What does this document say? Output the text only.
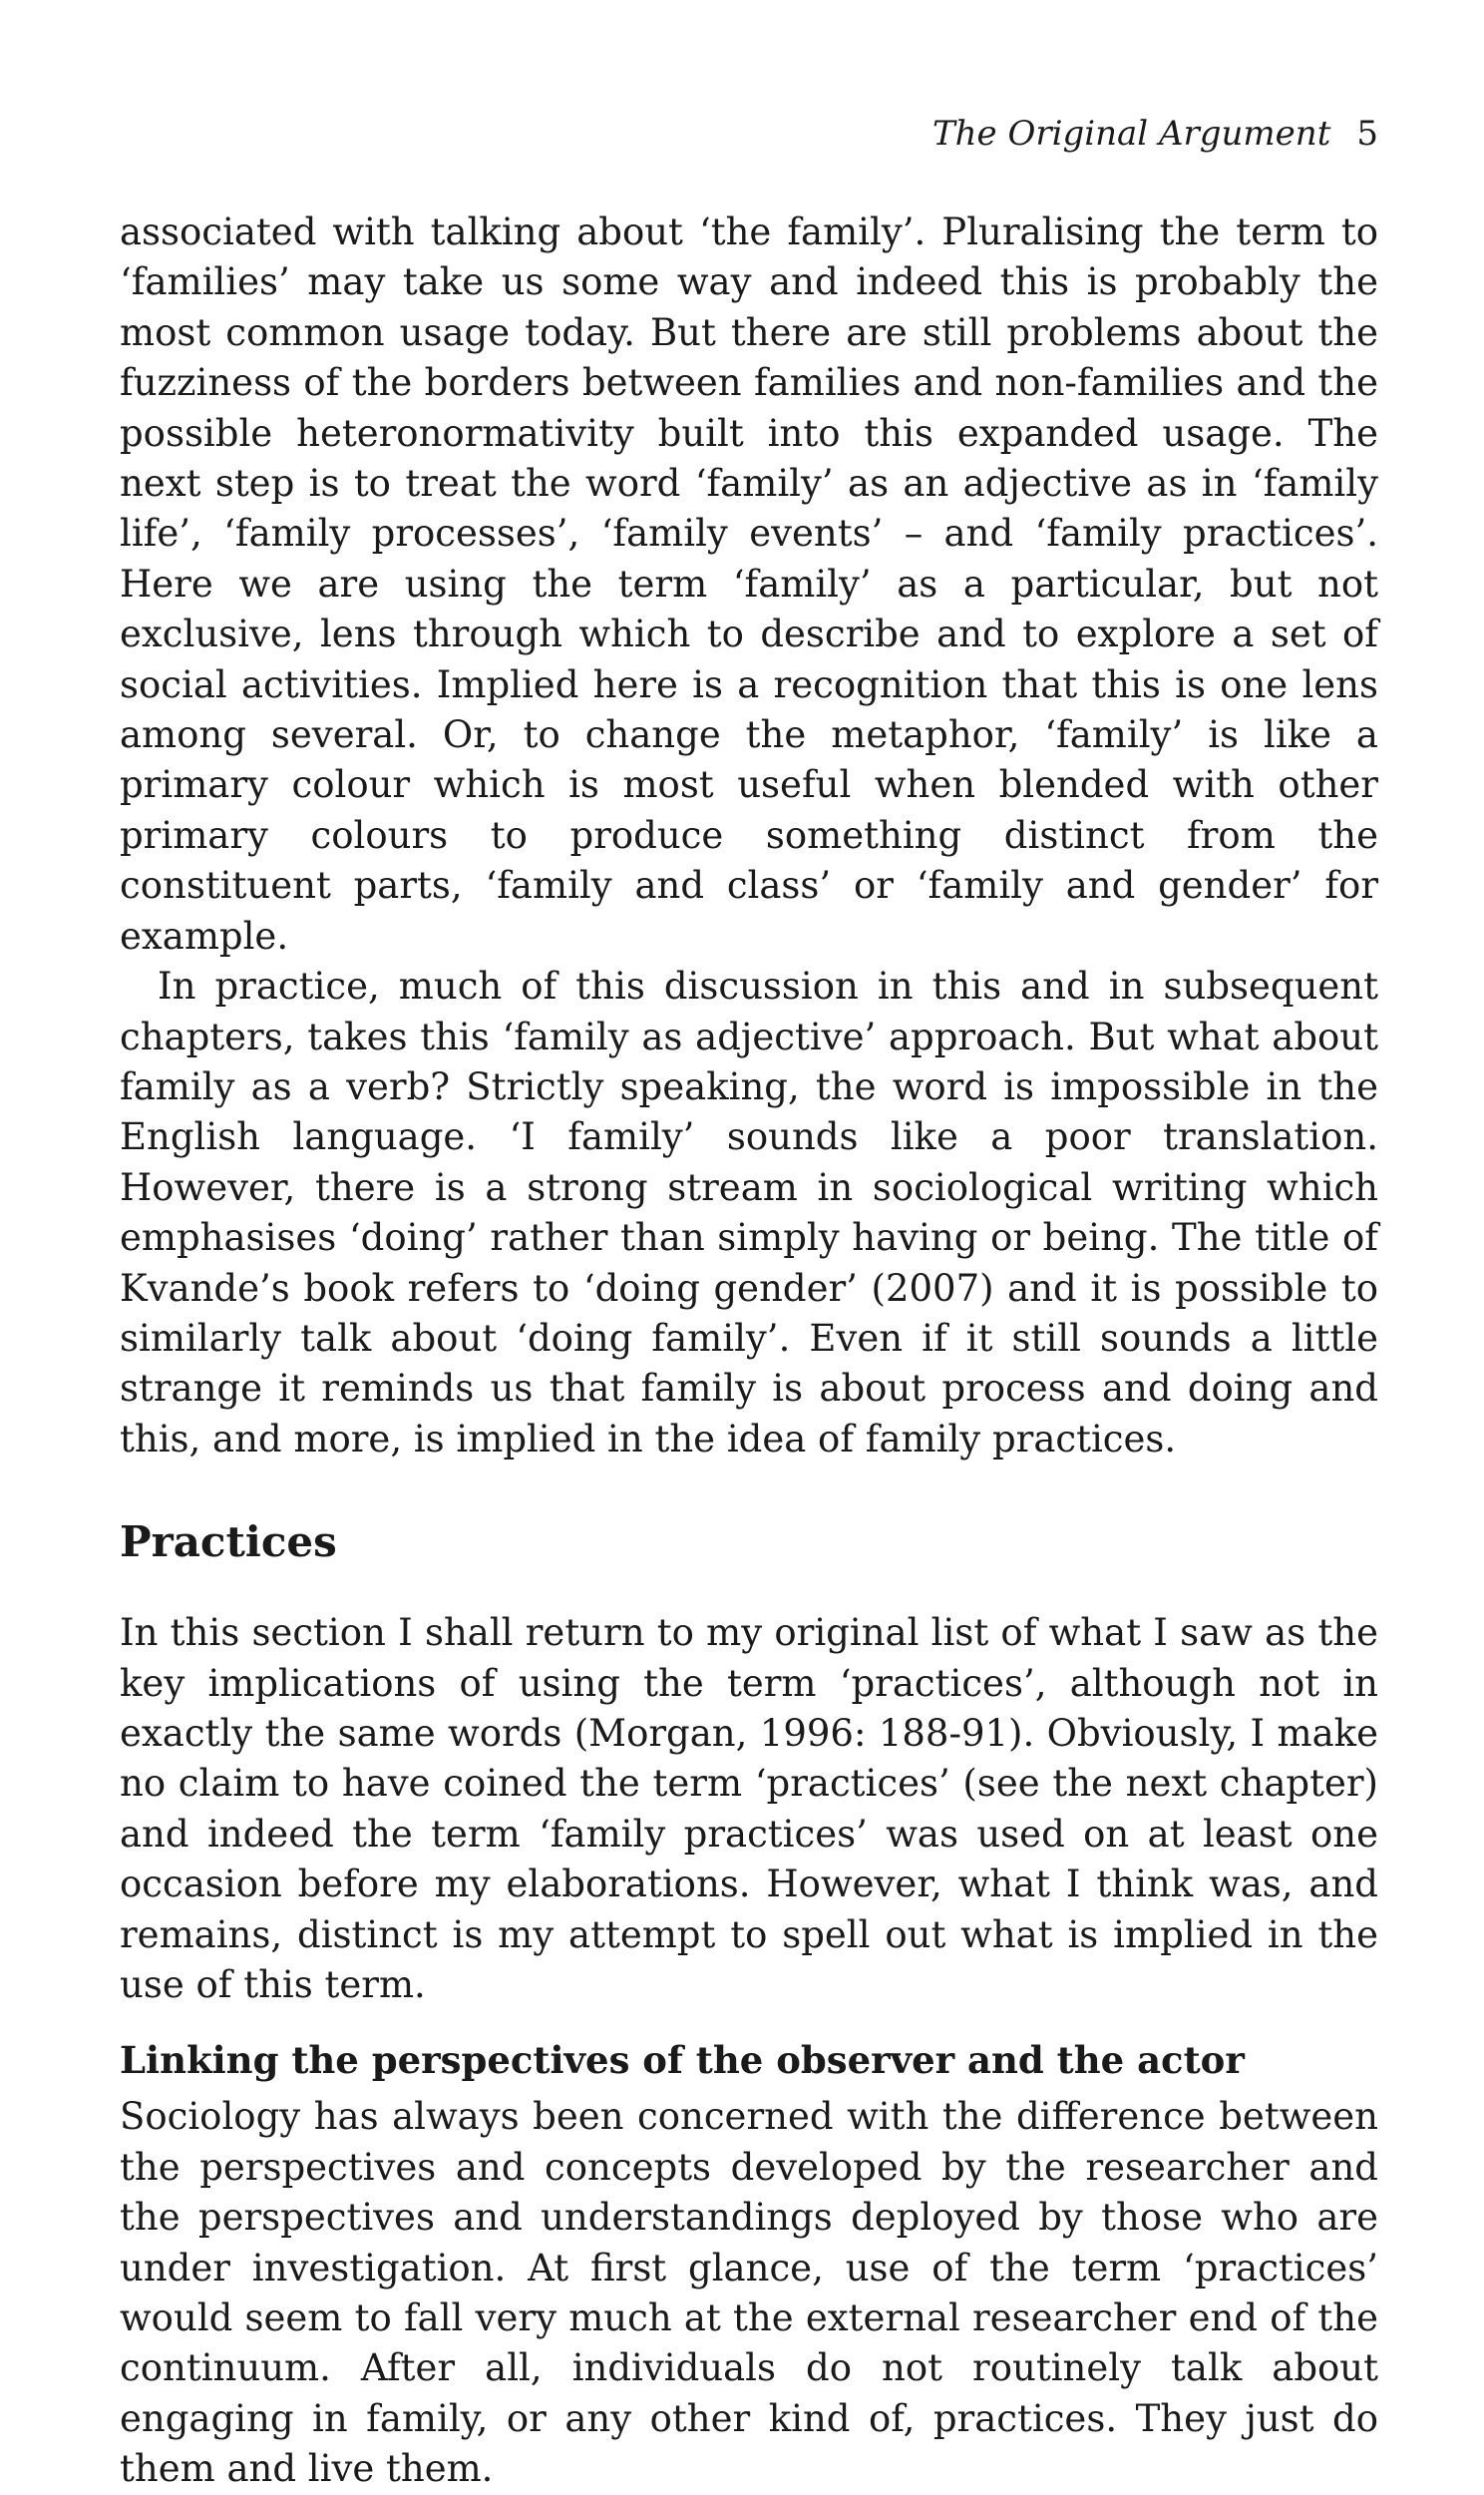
The Original Argument 5

associated with talking about ‘the family’. Pluralising the term to ‘families’ may take us some way and indeed this is probably the most common usage today. But there are still problems about the fuzziness of the borders between families and non-families and the possible heteronormativity built into this expanded usage. The next step is to treat the word ‘family’ as an adjective as in ‘family life’, ‘family processes’, ‘family events’ – and ‘family practices’. Here we are using the term ‘family’ as a particular, but not exclusive, lens through which to describe and to explore a set of social activities. Implied here is a recognition that this is one lens among several. Or, to change the metaphor, ‘family’ is like a primary colour which is most useful when blended with other primary colours to produce something distinct from the constituent parts, ‘family and class’ or ‘family and gender’ for example.

In practice, much of this discussion in this and in subsequent chapters, takes this ‘family as adjective’ approach. But what about family as a verb? Strictly speaking, the word is impossible in the English language. ‘I family’ sounds like a poor translation. However, there is a strong stream in sociological writing which emphasises ‘doing’ rather than simply having or being. The title of Kvande’s book refers to ‘doing gender’ (2007) and it is possible to similarly talk about ‘doing family’. Even if it still sounds a little strange it reminds us that family is about process and doing and this, and more, is implied in the idea of family practices.

Practices

In this section I shall return to my original list of what I saw as the key implications of using the term ‘practices’, although not in exactly the same words (Morgan, 1996: 188-91). Obviously, I make no claim to have coined the term ‘practices’ (see the next chapter) and indeed the term ‘family practices’ was used on at least one occasion before my elaborations. However, what I think was, and remains, distinct is my attempt to spell out what is implied in the use of this term.

Linking the perspectives of the observer and the actor

Sociology has always been concerned with the difference between the perspectives and concepts developed by the researcher and the perspectives and understandings deployed by those who are under investigation. At first glance, use of the term ‘practices’ would seem to fall very much at the external researcher end of the continuum. After all, individuals do not routinely talk about engaging in family, or any other kind of, practices. They just do them and live them.
